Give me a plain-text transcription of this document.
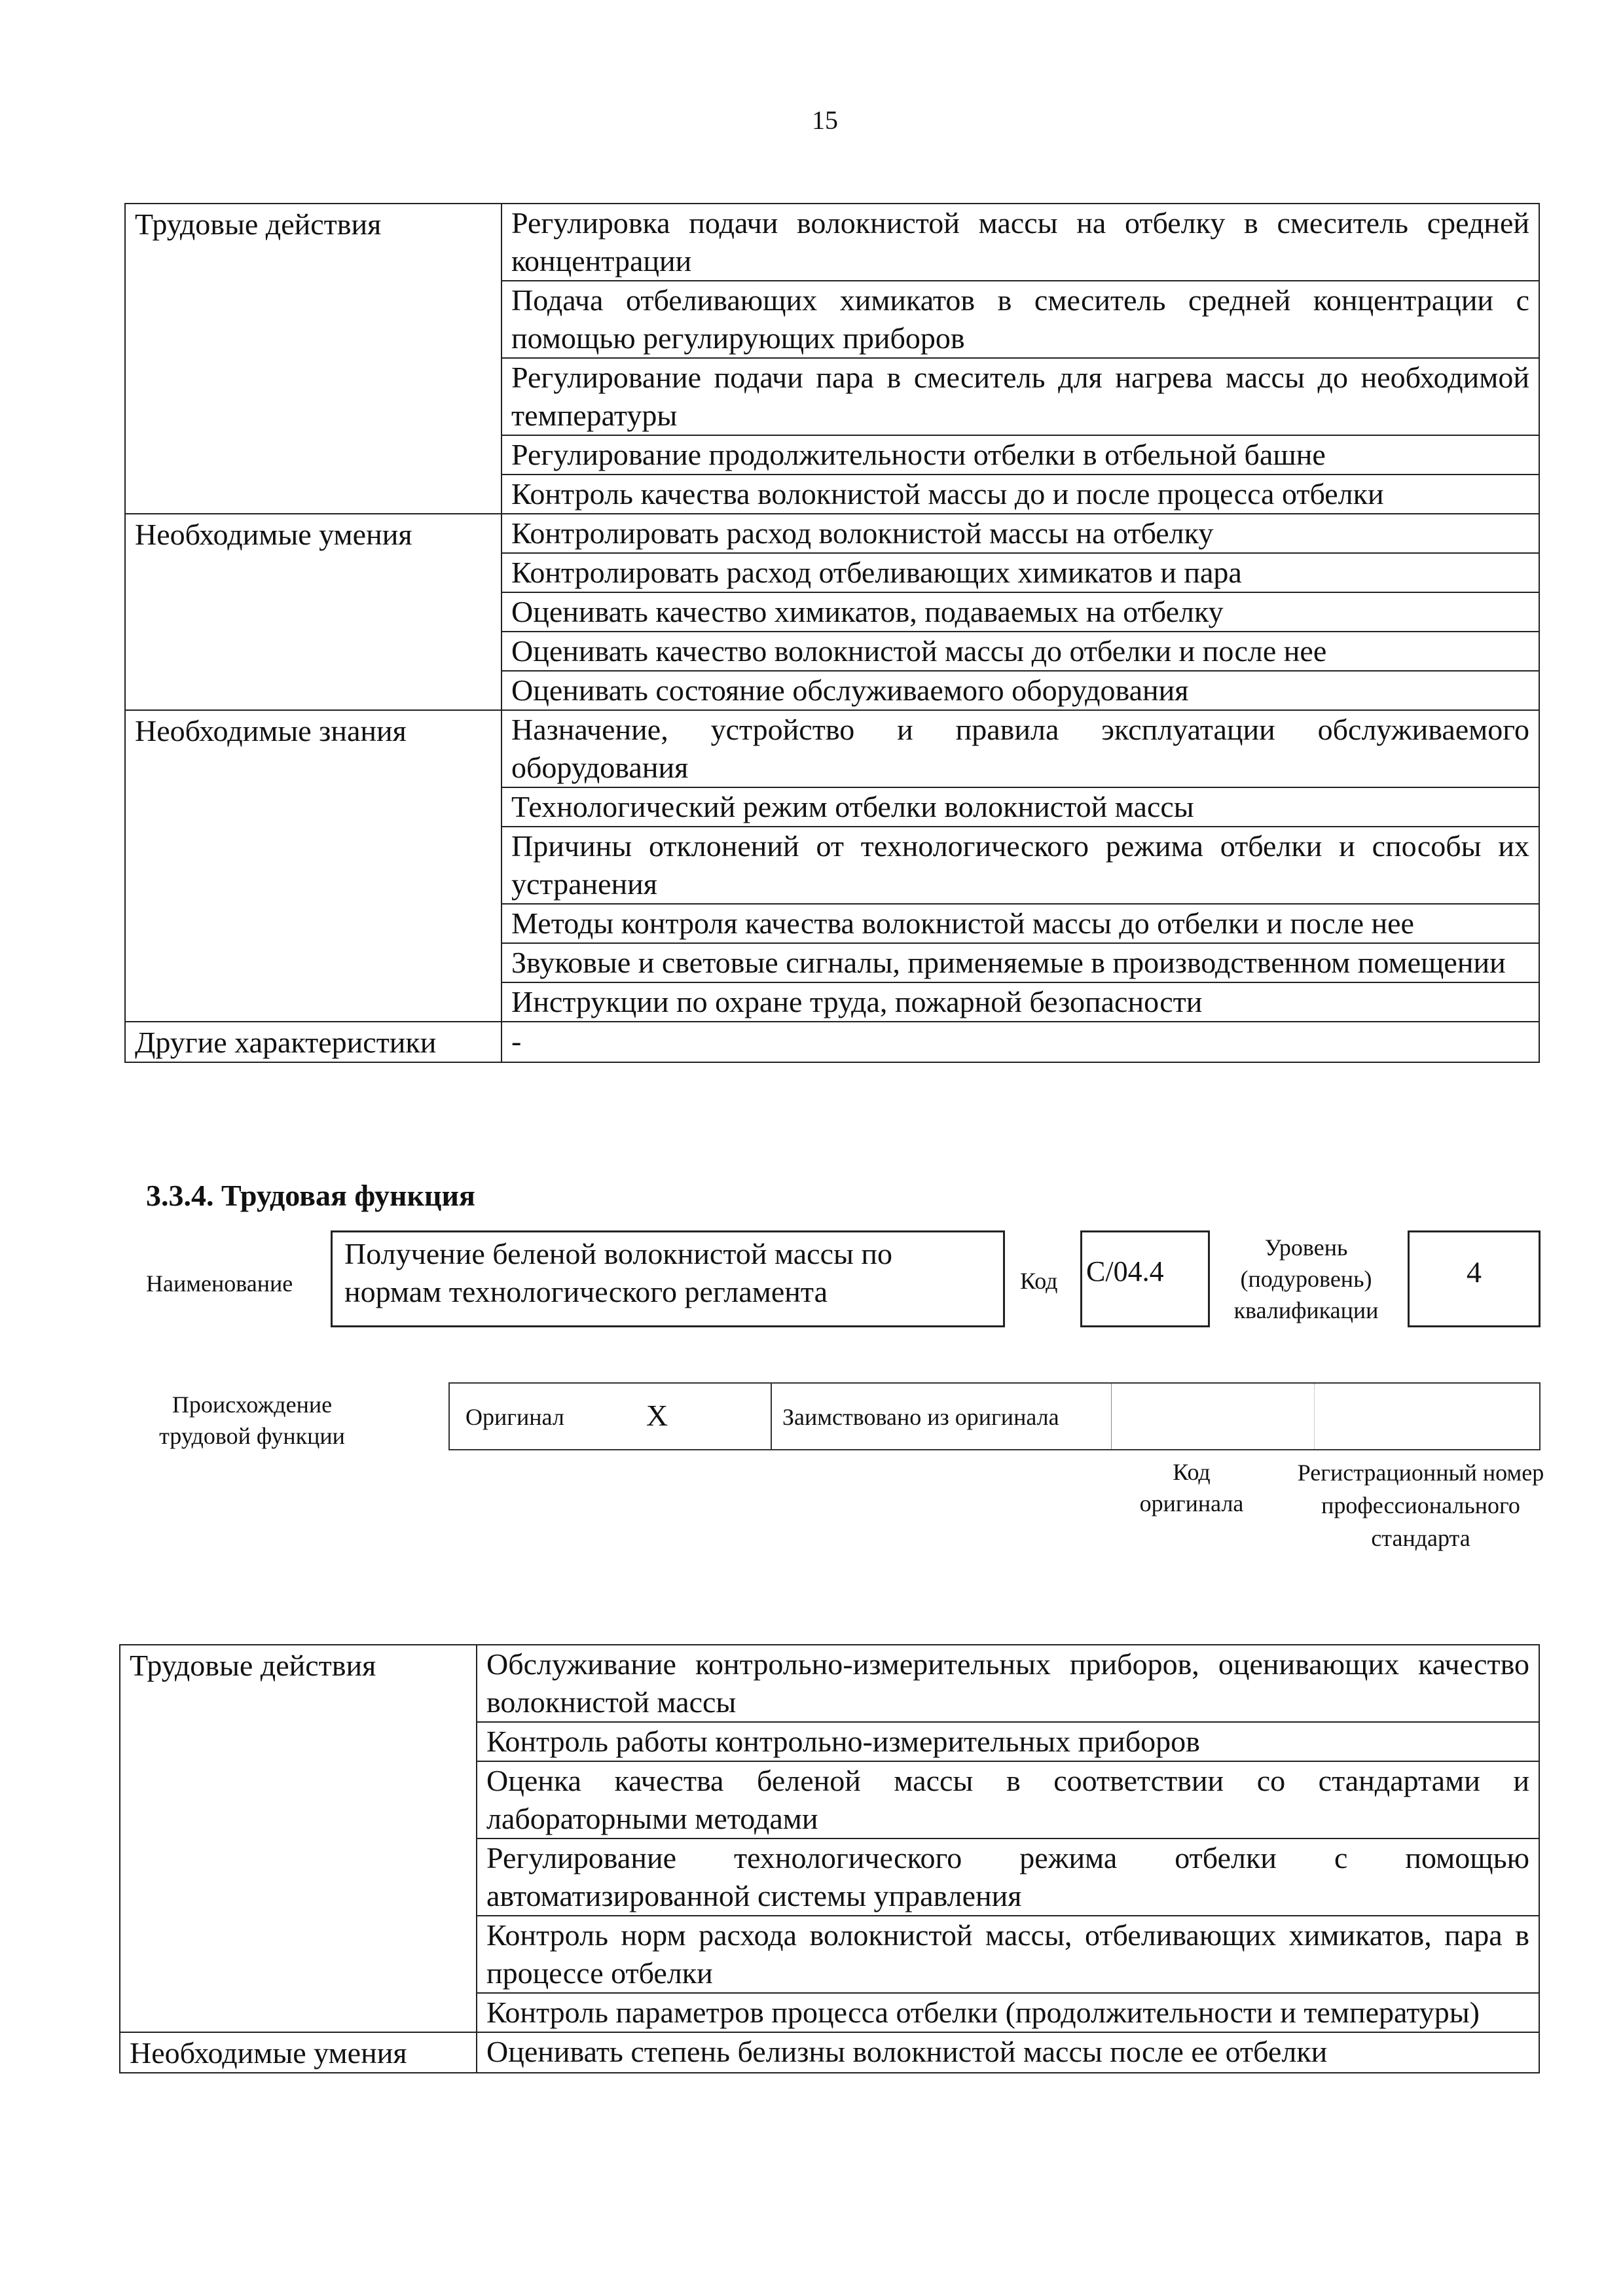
15
Трудовые действия	Регулировка подачи волокнистой массы на отбелку в смеситель средней концентрации
	Подача отбеливающих химикатов в смеситель средней концентрации с помощью регулирующих приборов
	Регулирование подачи пара в смеситель для нагрева массы до необходимой температуры
	Регулирование продолжительности отбелки в отбельной башне
	Контроль качества волокнистой массы до и после процесса отбелки
Необходимые умения	Контролировать расход волокнистой массы на отбелку
	Контролировать расход отбеливающих химикатов и пара
	Оценивать качество химикатов, подаваемых на отбелку
	Оценивать качество волокнистой массы до отбелки и после нее
	Оценивать состояние обслуживаемого оборудования
Необходимые знания	Назначение, устройство и правила эксплуатации обслуживаемого оборудования
	Технологический режим отбелки волокнистой массы
	Причины отклонений от технологического режима отбелки и способы их устранения
	Методы контроля качества волокнистой массы до отбелки и после нее
	Звуковые и световые сигналы, применяемые в производственном помещении
	Инструкции по охране труда, пожарной безопасности
Другие характеристики	-
3.3.4. Трудовая функция
Наименование
Получение беленой волокнистой массы по нормам технологического регламента	Код C/04.4
Уровень (подуровень) квалификации
4
Происхождение трудовой функции
Оригинал	X	Заимствовано из оригинала
Код оригинала
Регистрационный номер профессионального стандарта
Трудовые действия	Обслуживание контрольно-измерительных приборов, оценивающих качество волокнистой массы
	Контроль работы контрольно-измерительных приборов
	Оценка качества беленой массы в соответствии со стандартами и лабораторными методами
	Регулирование технологического режима отбелки с помощью автоматизированной системы управления
	Контроль норм расхода волокнистой массы, отбеливающих химикатов, пара в процессе отбелки
	Контроль параметров процесса отбелки (продолжительности и температуры)
Необходимые умения	Оценивать степень белизны волокнистой массы после ее отбелки
